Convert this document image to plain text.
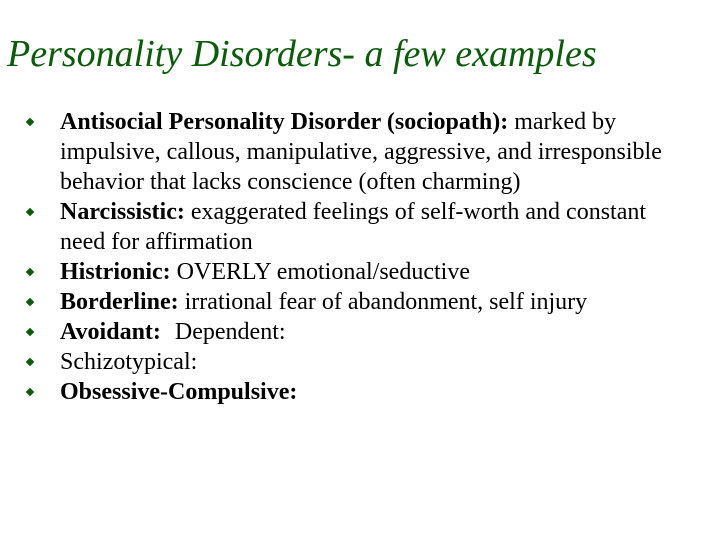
Personality Disorders- a few examples
Antisocial Personality Disorder (sociopath): marked by impulsive, callous, manipulative, aggressive, and irresponsible behavior that lacks conscience (often charming)
Narcissistic: exaggerated feelings of self-worth and constant need for affirmation
Histrionic: OVERLY emotional/seductive
Borderline: irrational fear of abandonment, self injury
Avoidant: Dependent:
Schizotypical:
Obsessive-Compulsive:
